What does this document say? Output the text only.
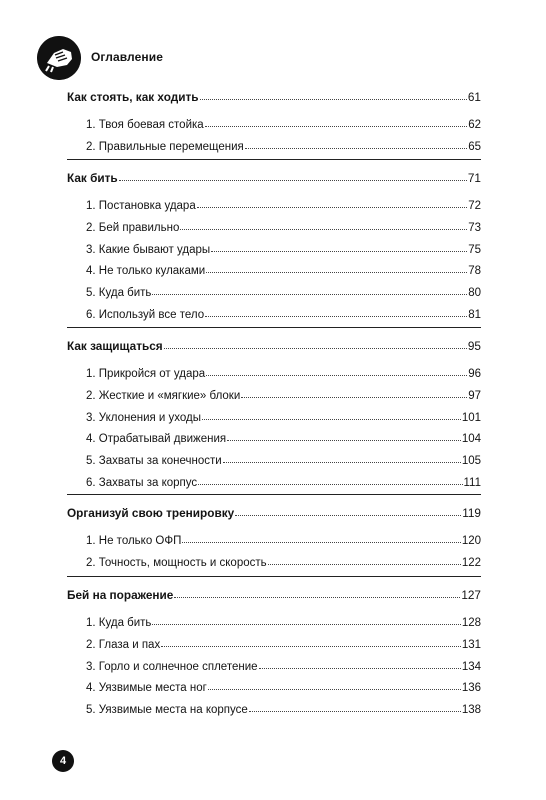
Оглавление
Как стоять, как ходить	61
1. Твоя боевая стойка	62
2. Правильные перемещения	65
Как бить	71
1. Постановка удара	72
2. Бей правильно	73
3. Какие бывают удары	75
4. Не только кулаками	78
5. Куда бить	80
6. Используй все тело	81
Как защищаться	95
1. Прикройся от удара	96
2. Жесткие и «мягкие» блоки	97
3. Уклонения и уходы	101
4. Отрабатывай движения	104
5. Захваты за конечности	105
6. Захваты за корпус	111
Организуй свою тренировку	119
1. Не только ОФП	120
2. Точность, мощность и скорость	122
Бей на поражение	127
1. Куда бить	128
2. Глаза и пах	131
3. Горло и солнечное сплетение	134
4. Уязвимые места ног	136
5. Уязвимые места на корпусе	138
4
